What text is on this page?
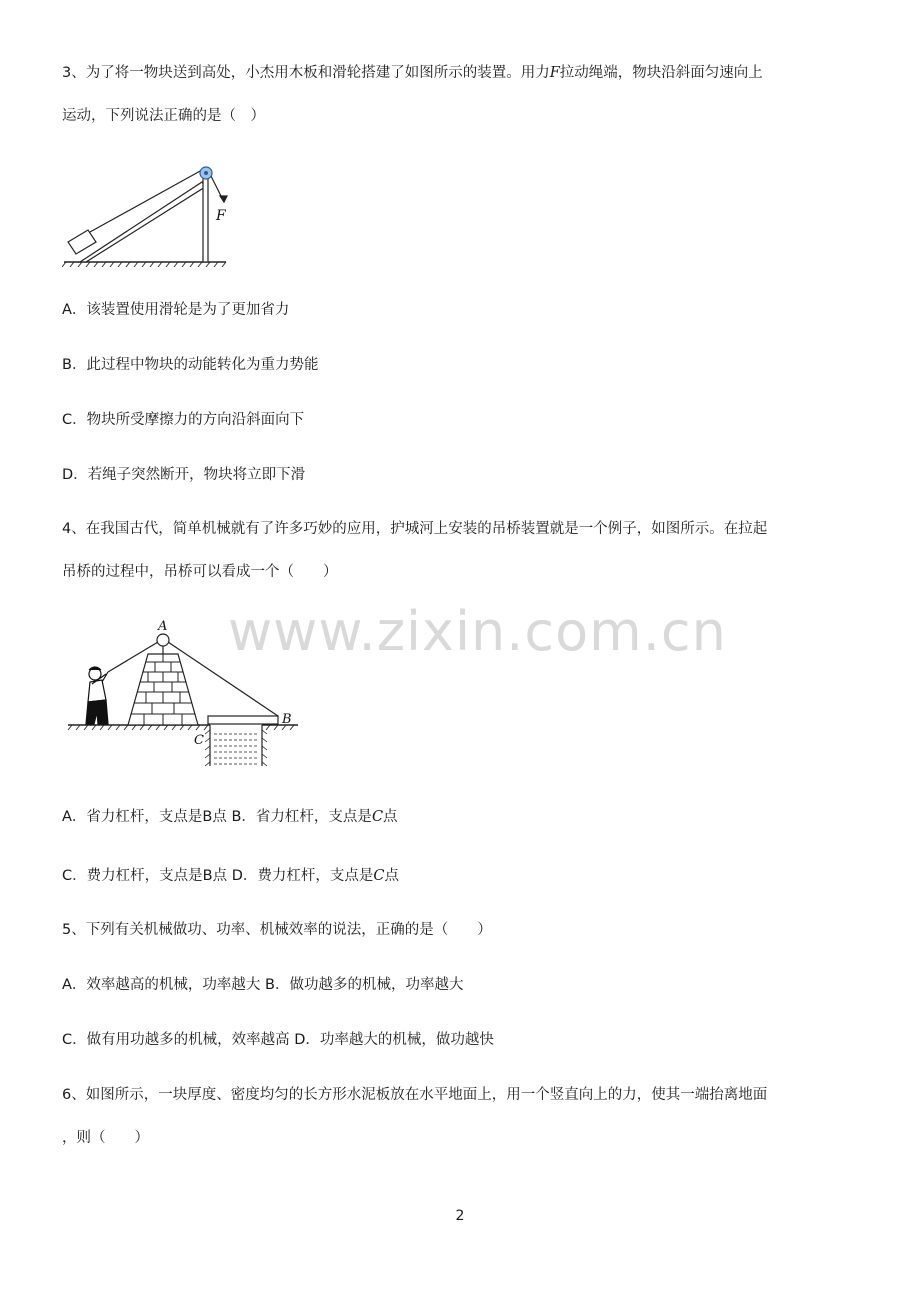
3、为了将一物块送到高处，小杰用木板和滑轮搭建了如图所示的装置。用力F拉动绳端，物块沿斜面匀速向上
运动，下列说法正确的是（　）
F
A．该装置使用滑轮是为了更加省力
B．此过程中物块的动能转化为重力势能
C．物块所受摩擦力的方向沿斜面向下
D．若绳子突然断开，物块将立即下滑
4、在我国古代，简单机械就有了许多巧妙的应用，护城河上安装的吊桥装置就是一个例子，如图所示。在拉起
吊桥的过程中，吊桥可以看成一个（　　）
A
B
C
A．省力杠杆，支点是B点 B．省力杠杆，支点是C点
C．费力杠杆，支点是B点 D．费力杠杆，支点是C点
5、下列有关机械做功、功率、机械效率的说法，正确的是（　　）
A．效率越高的机械，功率越大 B．做功越多的机械，功率越大
C．做有用功越多的机械，效率越高 D．功率越大的机械，做功越快
6、如图所示，一块厚度、密度均匀的长方形水泥板放在水平地面上，用一个竖直向上的力，使其一端抬离地面
，则（　　）
www.zixin.com.cn
2
